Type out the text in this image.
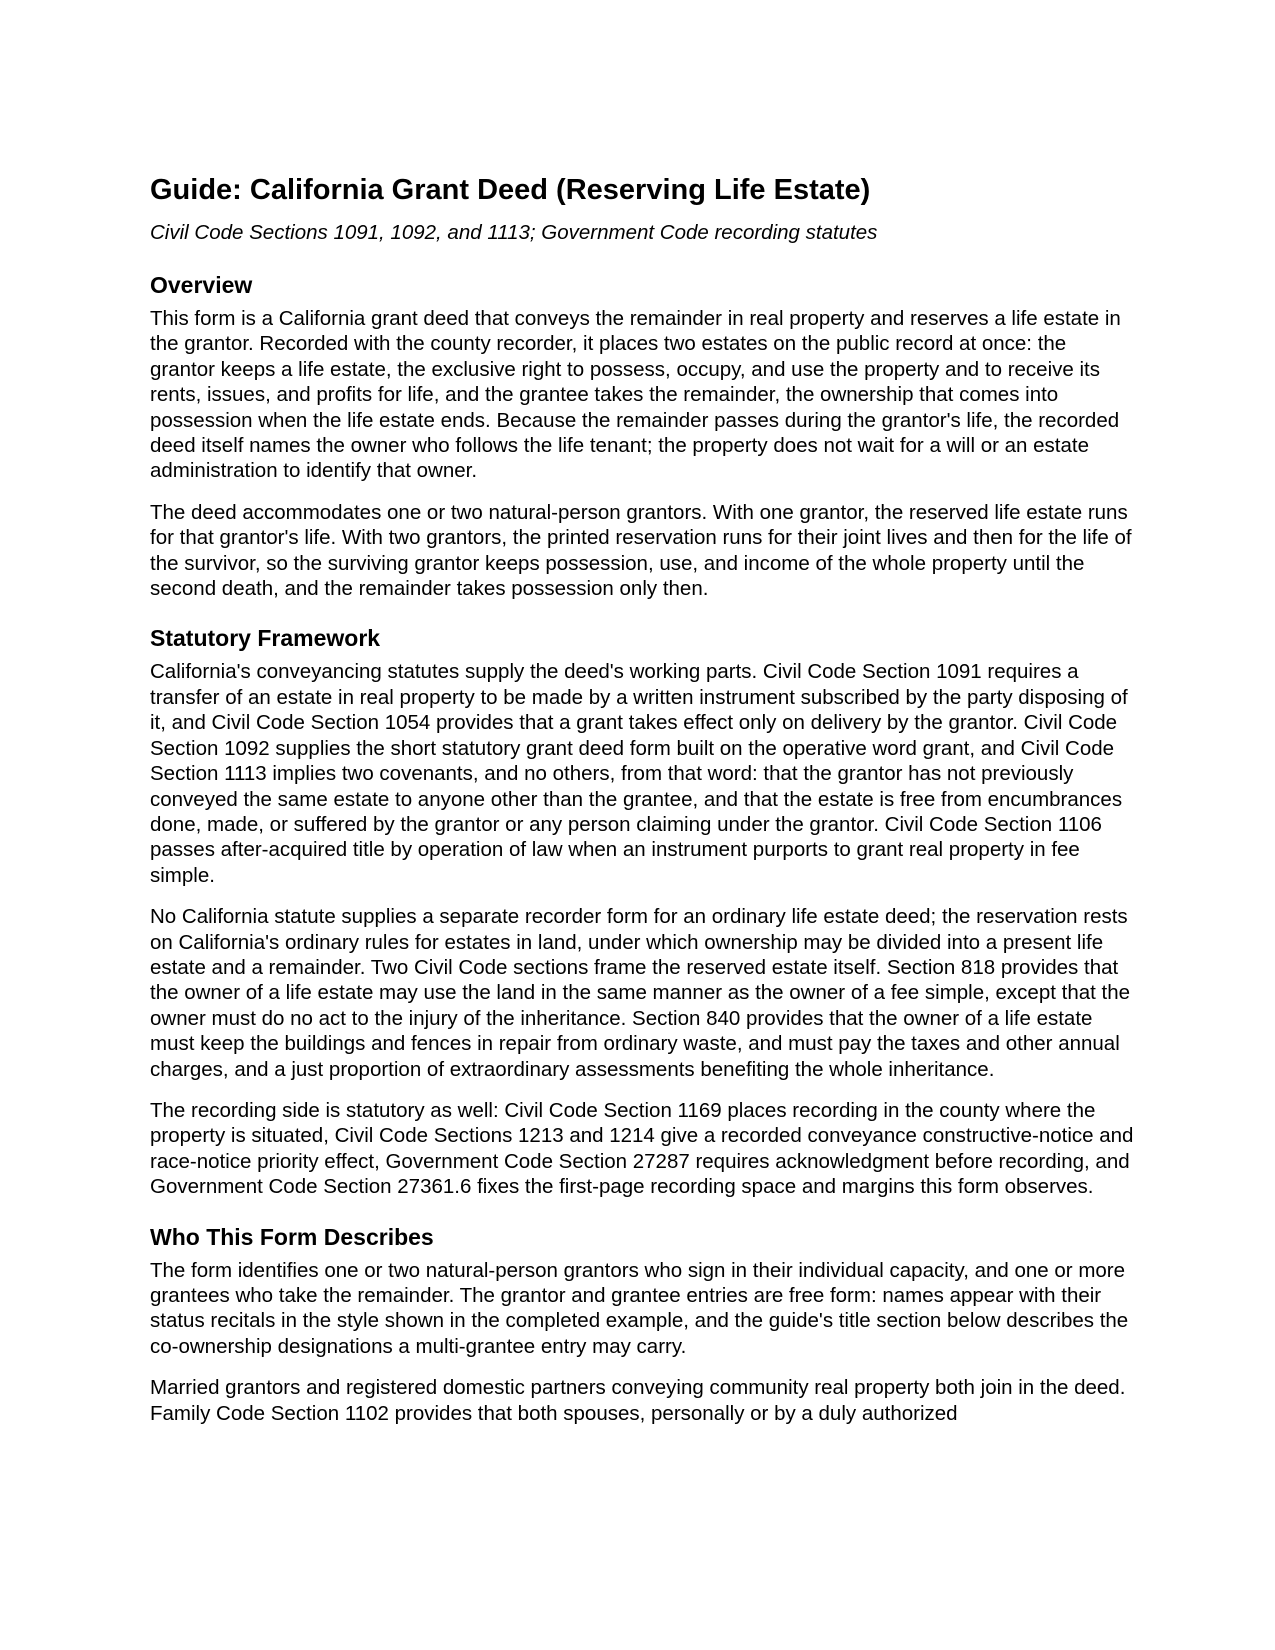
Guide: California Grant Deed (Reserving Life Estate)

Civil Code Sections 1091, 1092, and 1113; Government Code recording statutes

Overview

This form is a California grant deed that conveys the remainder in real property and reserves a life estate in the grantor. Recorded with the county recorder, it places two estates on the public record at once: the grantor keeps a life estate, the exclusive right to possess, occupy, and use the property and to receive its rents, issues, and profits for life, and the grantee takes the remainder, the ownership that comes into possession when the life estate ends. Because the remainder passes during the grantor's life, the recorded deed itself names the owner who follows the life tenant; the property does not wait for a will or an estate administration to identify that owner.

The deed accommodates one or two natural-person grantors. With one grantor, the reserved life estate runs for that grantor's life. With two grantors, the printed reservation runs for their joint lives and then for the life of the survivor, so the surviving grantor keeps possession, use, and income of the whole property until the second death, and the remainder takes possession only then.

Statutory Framework

California's conveyancing statutes supply the deed's working parts. Civil Code Section 1091 requires a transfer of an estate in real property to be made by a written instrument subscribed by the party disposing of it, and Civil Code Section 1054 provides that a grant takes effect only on delivery by the grantor. Civil Code Section 1092 supplies the short statutory grant deed form built on the operative word grant, and Civil Code Section 1113 implies two covenants, and no others, from that word: that the grantor has not previously conveyed the same estate to anyone other than the grantee, and that the estate is free from encumbrances done, made, or suffered by the grantor or any person claiming under the grantor. Civil Code Section 1106 passes after-acquired title by operation of law when an instrument purports to grant real property in fee simple.

No California statute supplies a separate recorder form for an ordinary life estate deed; the reservation rests on California's ordinary rules for estates in land, under which ownership may be divided into a present life estate and a remainder. Two Civil Code sections frame the reserved estate itself. Section 818 provides that the owner of a life estate may use the land in the same manner as the owner of a fee simple, except that the owner must do no act to the injury of the inheritance. Section 840 provides that the owner of a life estate must keep the buildings and fences in repair from ordinary waste, and must pay the taxes and other annual charges, and a just proportion of extraordinary assessments benefiting the whole inheritance.

The recording side is statutory as well: Civil Code Section 1169 places recording in the county where the property is situated, Civil Code Sections 1213 and 1214 give a recorded conveyance constructive-notice and race-notice priority effect, Government Code Section 27287 requires acknowledgment before recording, and Government Code Section 27361.6 fixes the first-page recording space and margins this form observes.

Who This Form Describes

The form identifies one or two natural-person grantors who sign in their individual capacity, and one or more grantees who take the remainder. The grantor and grantee entries are free form: names appear with their status recitals in the style shown in the completed example, and the guide's title section below describes the co-ownership designations a multi-grantee entry may carry.

Married grantors and registered domestic partners conveying community real property both join in the deed. Family Code Section 1102 provides that both spouses, personally or by a duly authorized
